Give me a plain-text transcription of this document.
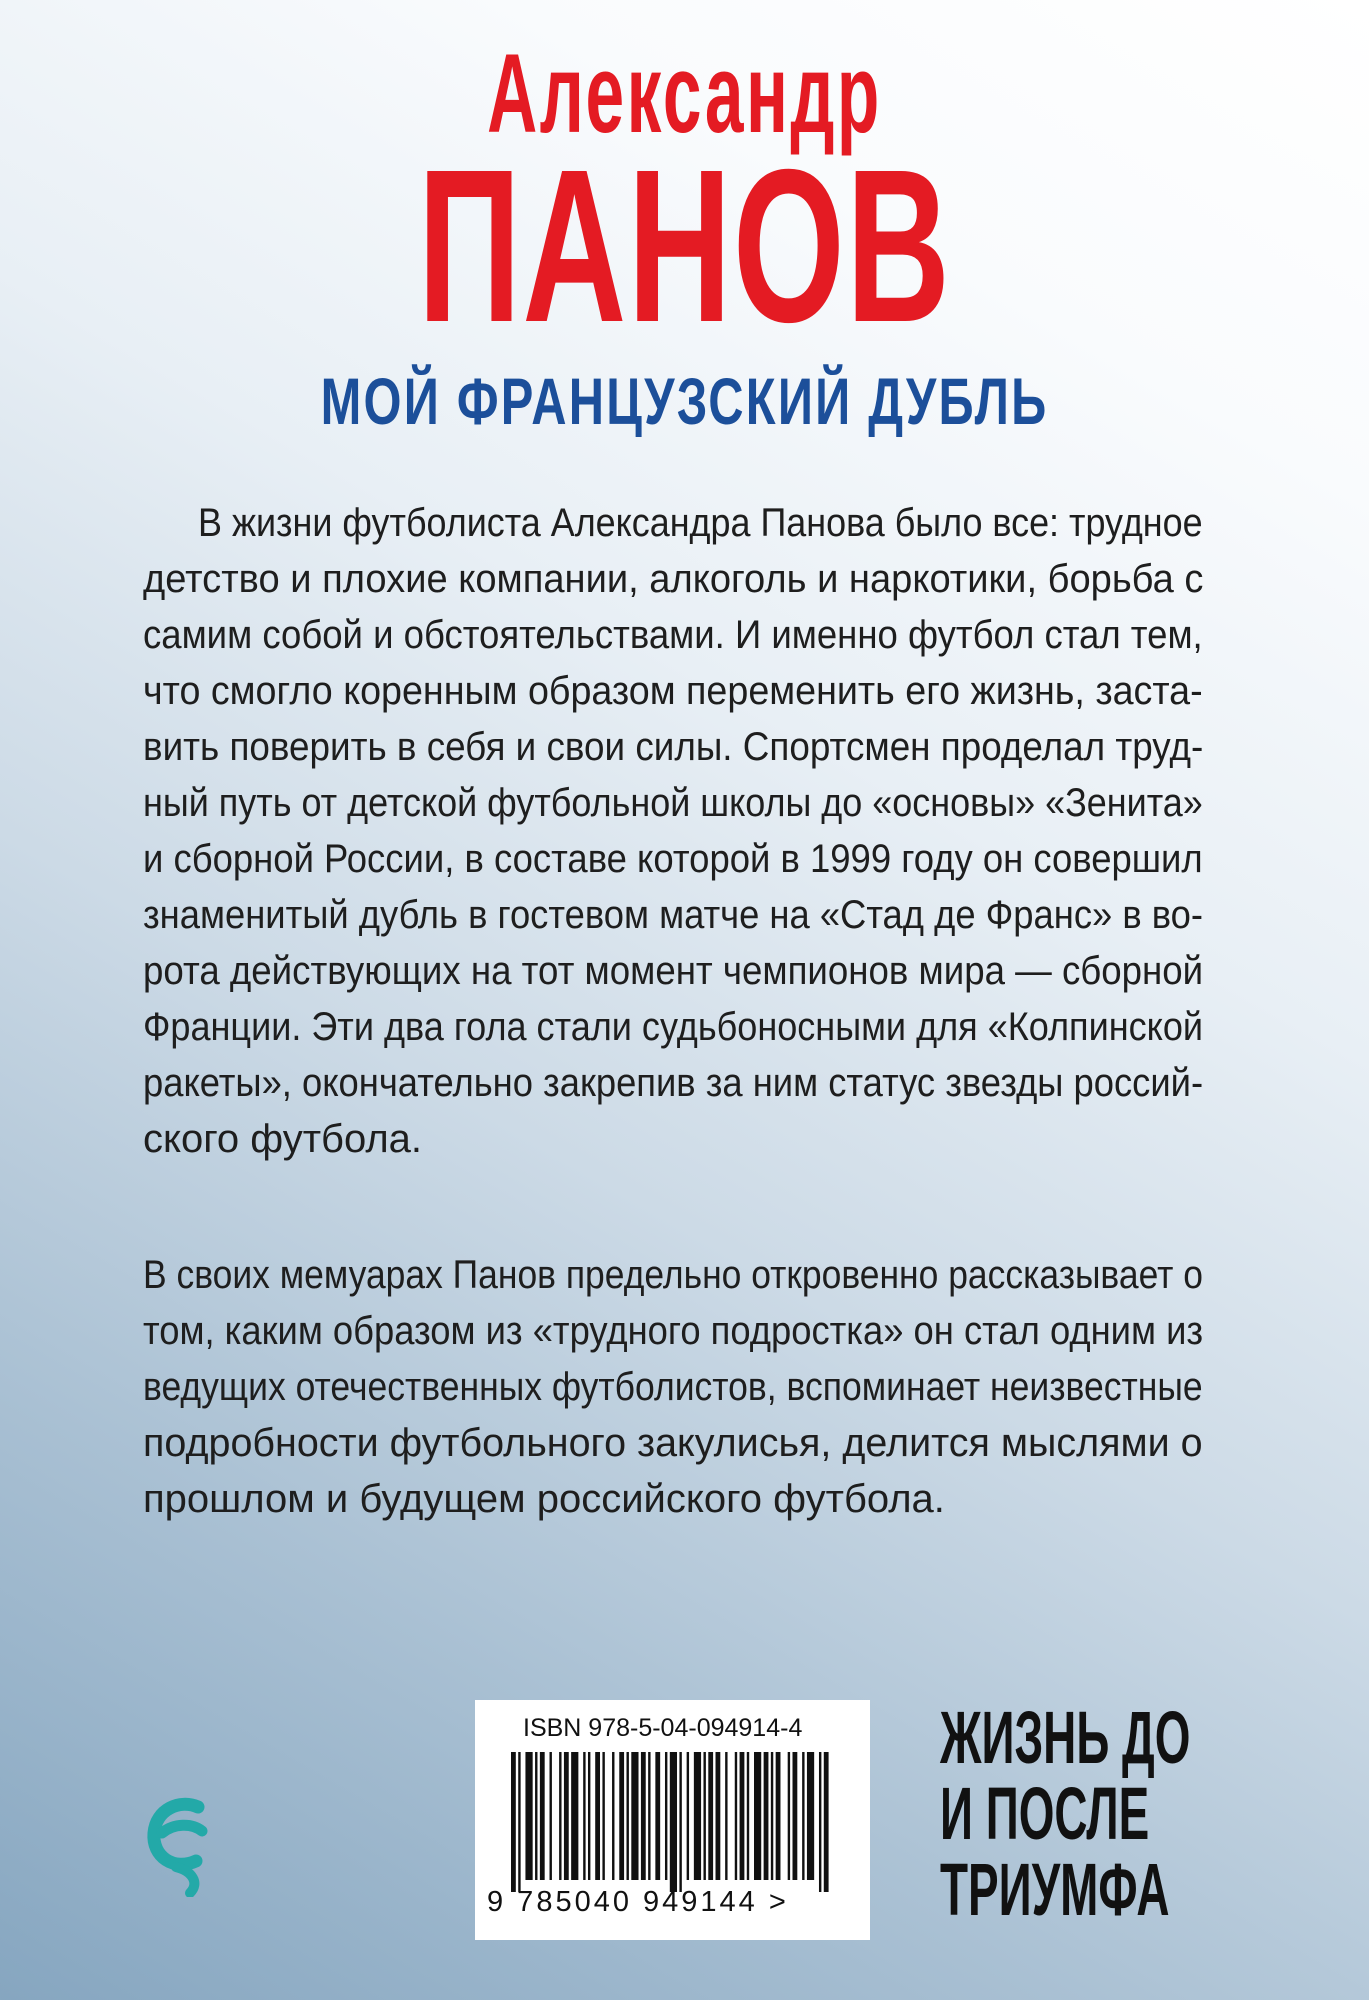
Александр
ПАНОВ
МОЙ ФРАНЦУЗСКИЙ ДУБЛЬ
В жизни футболиста Александра Панова было все: трудное
детство и плохие компании, алкоголь и наркотики, борьба с
самим собой и обстоятельствами. И именно футбол стал тем,
что смогло коренным образом переменить его жизнь, заста-
вить поверить в себя и свои силы. Спортсмен проделал труд-
ный путь от детской футбольной школы до «основы» «Зенита»
и сборной России, в составе которой в 1999 году он совершил
знаменитый дубль в гостевом матче на «Стад де Франс» в во-
рота действующих на тот момент чемпионов мира — сборной
Франции. Эти два гола стали судьбоносными для «Колпинской
ракеты», окончательно закрепив за ним статус звезды россий-
ского футбола.
В своих мемуарах Панов предельно откровенно рассказывает о
том, каким образом из «трудного подростка» он стал одним из
ведущих отечественных футболистов, вспоминает неизвестные
подробности футбольного закулисья, делится мыслями о
прошлом и будущем российского футбола.
ISBN 978-5-04-094914-4
9 785040 949144 >
ЖИЗНЬ ДО
И ПОСЛЕ
ТРИУМФА
